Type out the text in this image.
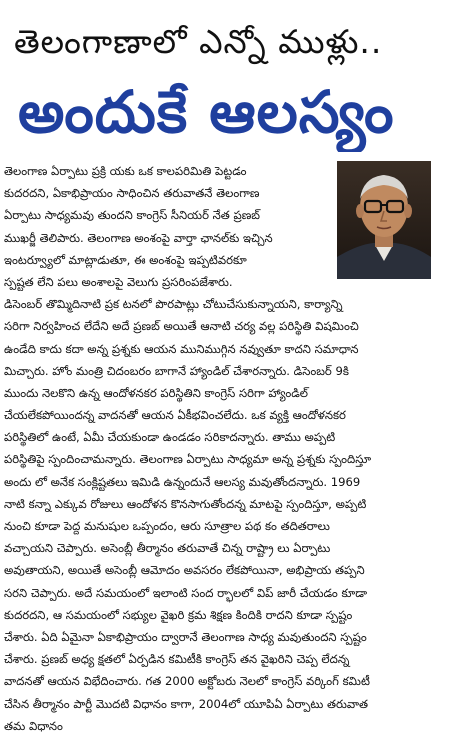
తెలంగాణాలో ఎన్నో ముళ్లు..
అందుకే ఆలస్యం

తెలంగాణ ఏర్పాటు ప్రక్రి యకు ఒక కాలపరిమితి పెట్టడం

కుదరదని, ఏకాభిప్రాయం సాధించిన తరువాతనే తెలంగాణ

ఏర్పాటు సాధ్యమవు తుందని కాంగ్రెస్ సీనియర్ నేత ప్రణబ్

ముఖర్జీ తెలిపారు. తెలంగాణ అంశంపై వార్తా ఛానల్‌కు ఇచ్చిన

ఇంటర్వ్యూలో మాట్లాడుతూ, ఈ అంశంపై ఇప్పటివరకూ

స్పష్టత లేని పలు అంశాలపై వెలుగు ప్రసరింపజేశారు.

డిసెంబర్ తొమ్మిదినాటి ప్రక టనలో పొరపాట్లు చోటుచేసుకున్నాయని, కార్యాన్ని

సరిగా నిర్వహించ లేదేని అదే ప్రణబ్ అయితే ఆనాటి చర్య వల్ల పరిస్థితి విషమించి

ఉండేది కాదు కదా అన్న ప్రశ్నకు ఆయన మునిముగ్గిన నవ్వుతూ కాదని సమాధాన

మిచ్చారు. హోం మంత్రి చిదంబరం బాగానే హ్యాండిల్ చేశారన్నారు. డిసెంబర్ 9కి

ముందు నెలకొని ఉన్న ఆందోళనకర పరిస్థితిని కాంగ్రెస్ సరిగా హ్యాండిల్

చేయలేకపోయిందన్న వాదనతో ఆయన ఏకీభవించలేదు. ఒక వ్యక్తి ఆందోళనకర

పరిస్థితిలో ఉంటే, ఏమీ చేయకుండా ఉండడం సరికాదన్నారు. తాము అప్పటి

పరిస్థితిపై స్పందించామన్నారు. తెలంగాణ ఏర్పాటు సాధ్యమా అన్న ప్రశ్నకు స్పందిస్తూ

అందు లో అనేక సంక్లిష్టతలు ఇమిడి ఉన్నందునే ఆలస్య మవుతోందన్నారు. 1969

నాటి కన్నా ఎక్కువ రోజులు ఆందోళన కొనసాగుతోందన్న మాటపై స్పందిస్తూ, అప్పటి

నుంచి కూడా పెద్ద మనుషుల ఒప్పందం, ఆరు సూత్రాల పథ కం తదితరాలు

వచ్చాయని చెప్పారు. అసెంబ్లీ తీర్మానం తరువాతే చిన్న రాష్ట్రా లు ఏర్పాటు

అవుతాయని, అయితే అసెంబ్లీ ఆమోదం అవసరం లేకపోయినా, అభిప్రాయ తప్పని

సరని చెప్పారు. అదే సమయంలో ఇలాంటి సంద ర్భాలలో విప్ జారీ చేయడం కూడా

కుదరదని, ఆ సమయంలో సభ్యుల వైఖరి క్రమ శిక్షణ కిందికి రాదని కూడా స్పష్టం

చేశారు. ఏది ఏమైనా ఏకాభిప్రాయం ద్వారానే తెలంగాణ సాధ్య మవుతుందని స్పష్టం

చేశారు. ప్రణబ్ అధ్య క్షతలో ఏర్పడిన కమిటీకి కాంగ్రెస్ తన వైఖరిని చెప్ప లేదన్న

వాదనతో ఆయన విభేదించారు. గత 2000 అక్టోబరు నెలలో కాంగ్రెస్ వర్కింగ్ కమిటీ

చేసిన తీర్మానం పార్టీ మొదటి విధానం కాగా, 2004లో యూపిఏ ఏర్పాటు తరువాత

తమ విధానం
